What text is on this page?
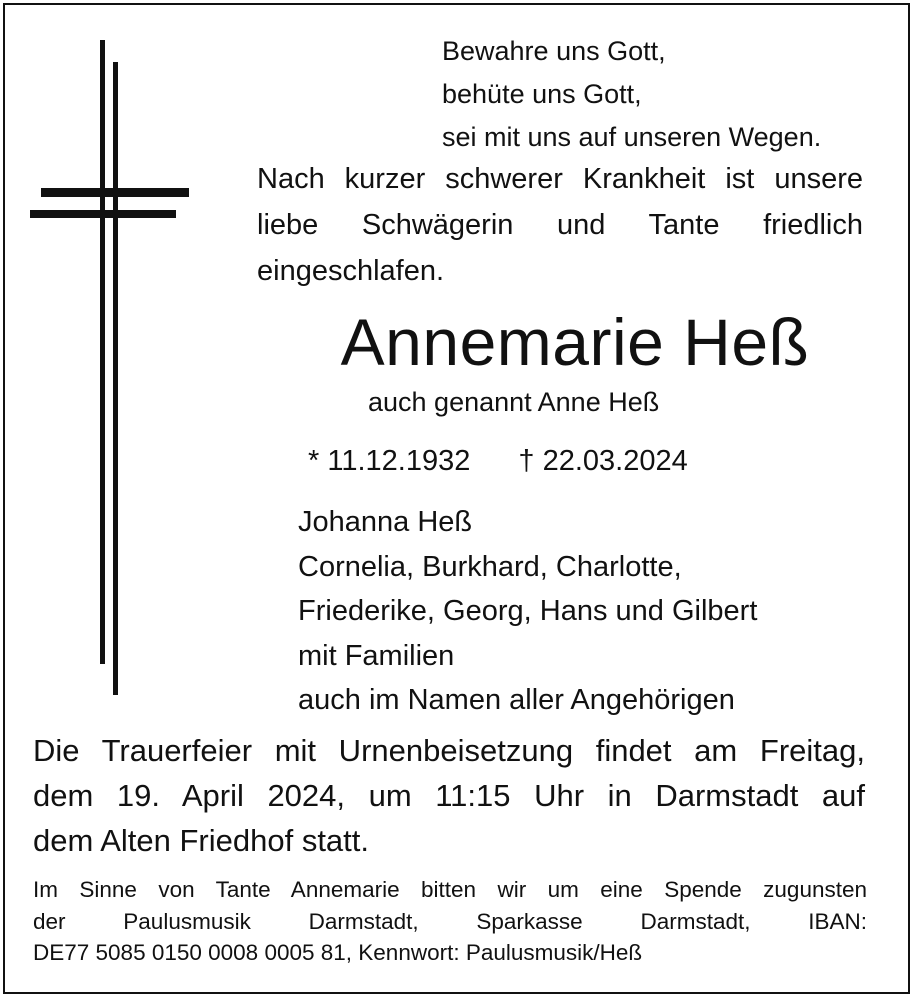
Bewahre uns Gott,
behüte uns Gott,
sei mit uns auf unseren Wegen.
Nach kurzer schwerer Krankheit ist unsere
liebe Schwägerin und Tante friedlich
eingeschlafen.
Annemarie Heß
auch genannt Anne Heß
* 11.12.1932 † 22.03.2024
Johanna Heß
Cornelia, Burkhard, Charlotte,
Friederike, Georg, Hans und Gilbert
mit Familien
auch im Namen aller Angehörigen
Die Trauerfeier mit Urnenbeisetzung findet am Freitag,
dem 19. April 2024, um 11:15 Uhr in Darmstadt auf
dem Alten Friedhof statt.
Im Sinne von Tante Annemarie bitten wir um eine Spende zugunsten
der Paulusmusik Darmstadt, Sparkasse Darmstadt, IBAN:
DE77 5085 0150 0008 0005 81, Kennwort: Paulusmusik/Heß
